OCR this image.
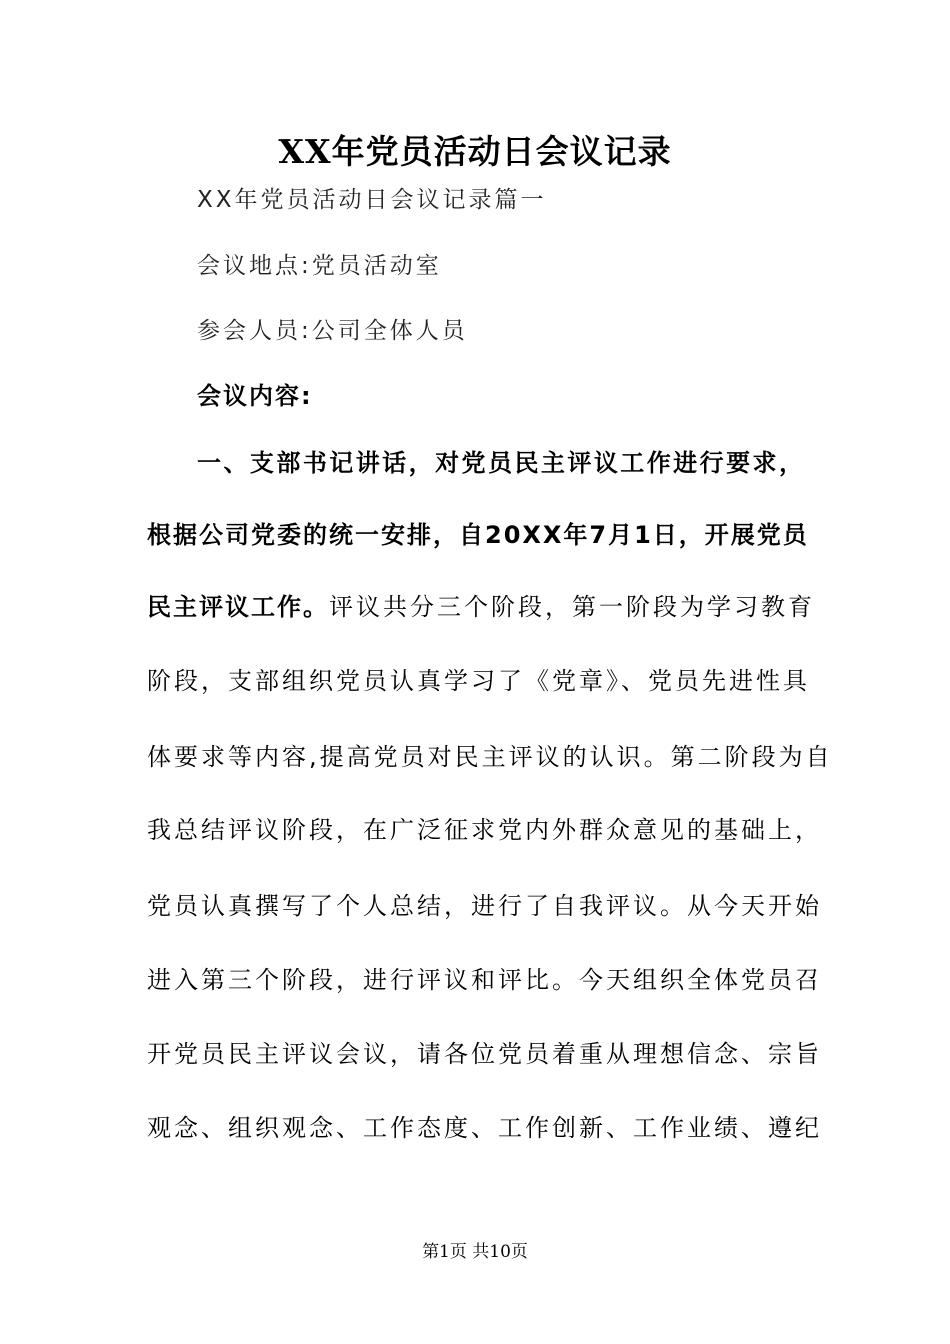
XX年党员活动日会议记录
XX年党员活动日会议记录篇一
会议地点:党员活动室
参会人员:公司全体人员
会议内容:
一、支部书记讲话，对党员民主评议工作进行要求，
根据公司党委的统一安排，自20XX年7月1日，开展党员
民主评议工作。评议共分三个阶段，第一阶段为学习教育
阶段，支部组织党员认真学习了《党章》、党员先进性具
体要求等内容,提高党员对民主评议的认识。第二阶段为自
我总结评议阶段，在广泛征求党内外群众意见的基础上，
党员认真撰写了个人总结，进行了自我评议。从今天开始
进入第三个阶段，进行评议和评比。今天组织全体党员召
开党员民主评议会议，请各位党员着重从理想信念、宗旨
观念、组织观念、工作态度、工作创新、工作业绩、遵纪
第1页 共10页
